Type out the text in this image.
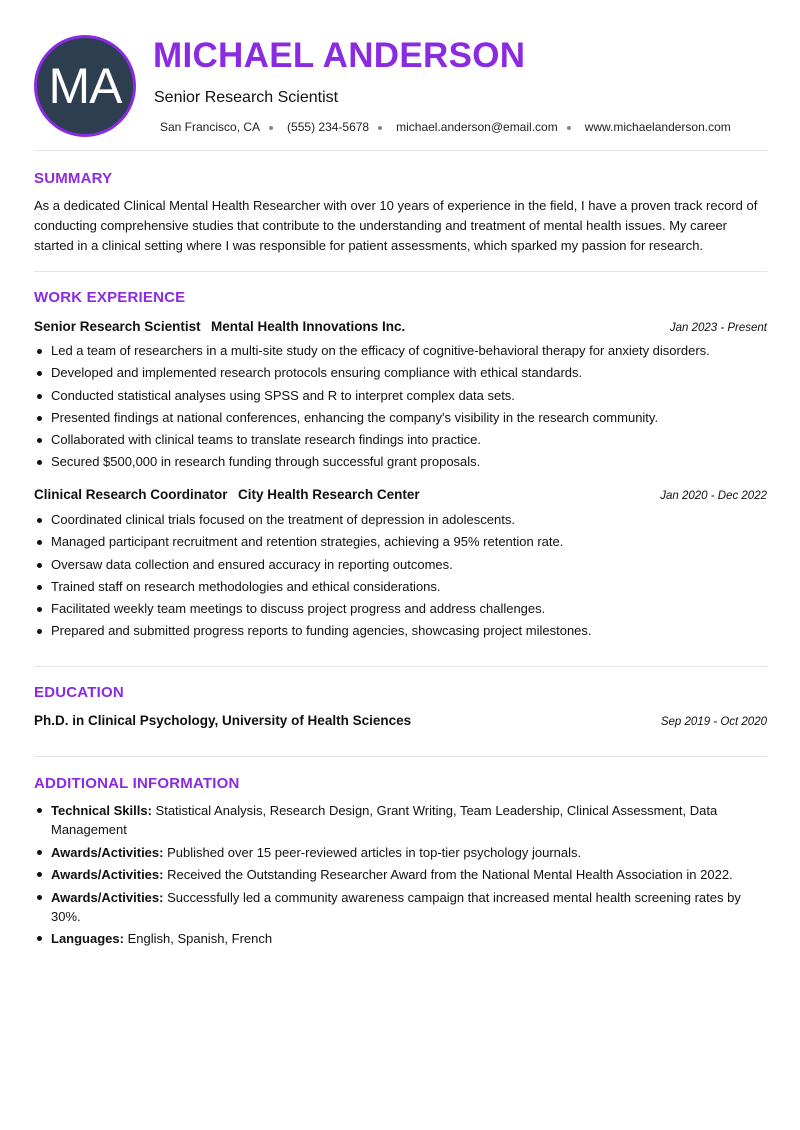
MA
MICHAEL ANDERSON
Senior Research Scientist
San Francisco, CA (555) 234-5678 michael.anderson@email.com www.michaelanderson.com
SUMMARY
As a dedicated Clinical Mental Health Researcher with over 10 years of experience in the field, I have a proven track record of conducting comprehensive studies that contribute to the understanding and treatment of mental health issues. My career started in a clinical setting where I was responsible for patient assessments, which sparked my passion for research.
WORK EXPERIENCE
Senior Research Scientist Mental Health Innovations Inc.	Jan 2023 - Present
Led a team of researchers in a multi-site study on the efficacy of cognitive-behavioral therapy for anxiety disorders.
Developed and implemented research protocols ensuring compliance with ethical standards.
Conducted statistical analyses using SPSS and R to interpret complex data sets.
Presented findings at national conferences, enhancing the company's visibility in the research community.
Collaborated with clinical teams to translate research findings into practice.
Secured $500,000 in research funding through successful grant proposals.
Clinical Research Coordinator City Health Research Center	Jan 2020 - Dec 2022
Coordinated clinical trials focused on the treatment of depression in adolescents.
Managed participant recruitment and retention strategies, achieving a 95% retention rate.
Oversaw data collection and ensured accuracy in reporting outcomes.
Trained staff on research methodologies and ethical considerations.
Facilitated weekly team meetings to discuss project progress and address challenges.
Prepared and submitted progress reports to funding agencies, showcasing project milestones.
EDUCATION
Ph.D. in Clinical Psychology, University of Health Sciences	Sep 2019 - Oct 2020
ADDITIONAL INFORMATION
Technical Skills: Statistical Analysis, Research Design, Grant Writing, Team Leadership, Clinical Assessment, Data Management
Awards/Activities: Published over 15 peer-reviewed articles in top-tier psychology journals.
Awards/Activities: Received the Outstanding Researcher Award from the National Mental Health Association in 2022.
Awards/Activities: Successfully led a community awareness campaign that increased mental health screening rates by 30%.
Languages: English, Spanish, French
